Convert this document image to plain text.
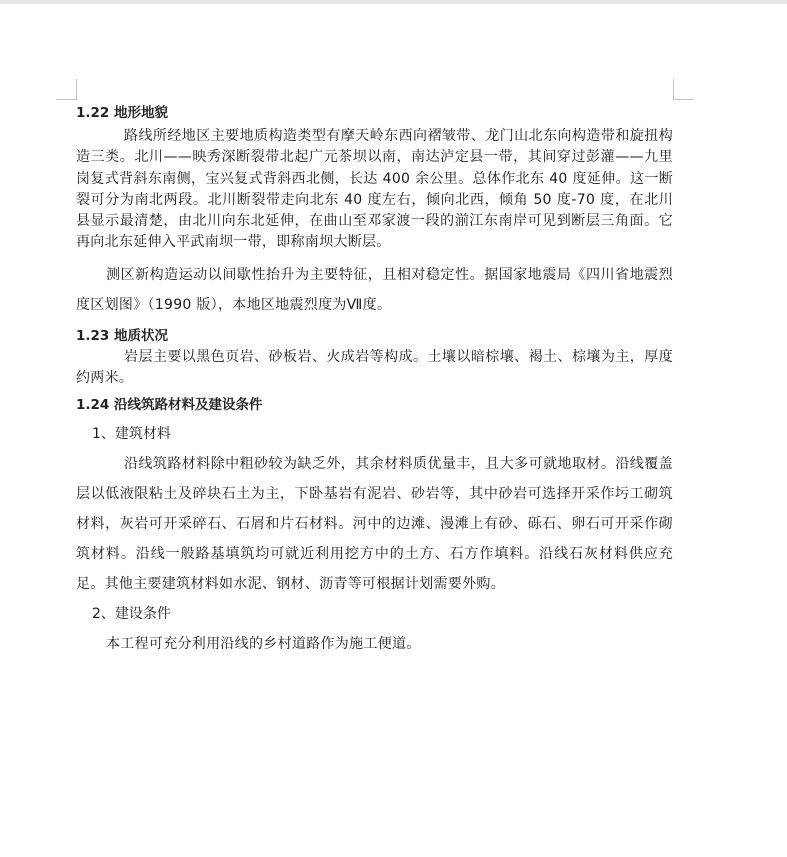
1.22 地形地貌

路线所经地区主要地质构造类型有摩天岭东西向褶皱带、龙门山北东向构造带和旋扭构造三类。北川——映秀深断裂带北起广元茶坝以南，南达泸定县一带，其间穿过彭灌——九里岗复式背斜东南侧，宝兴复式背斜西北侧，长达 400 余公里。总体作北东 40 度延伸。这一断裂可分为南北两段。北川断裂带走向北东 40 度左右，倾向北西，倾角 50 度-70 度，在北川县显示最清楚，由北川向东北延伸，在曲山至邓家渡一段的湔江东南岸可见到断层三角面。它再向北东延伸入平武南坝一带，即称南坝大断层。

测区新构造运动以间歇性抬升为主要特征，且相对稳定性。据国家地震局《四川省地震烈度区划图》（1990 版），本地区地震烈度为Ⅶ度。

1.23 地质状况

岩层主要以黑色页岩、砂板岩、火成岩等构成。土壤以暗棕壤、褐土、棕壤为主，厚度约两米。

1.24 沿线筑路材料及建设条件

1、建筑材料

沿线筑路材料除中粗砂较为缺乏外，其余材料质优量丰，且大多可就地取材。沿线覆盖层以低液限粘土及碎块石土为主，下卧基岩有泥岩、砂岩等，其中砂岩可选择开采作圬工砌筑材料，灰岩可开采碎石、石屑和片石材料。河中的边滩、漫滩上有砂、砾石、卵石可开采作砌筑材料。沿线一般路基填筑均可就近利用挖方中的土方、石方作填料。沿线石灰材料供应充足。其他主要建筑材料如水泥、钢材、沥青等可根据计划需要外购。

2、建设条件

本工程可充分利用沿线的乡村道路作为施工便道。
